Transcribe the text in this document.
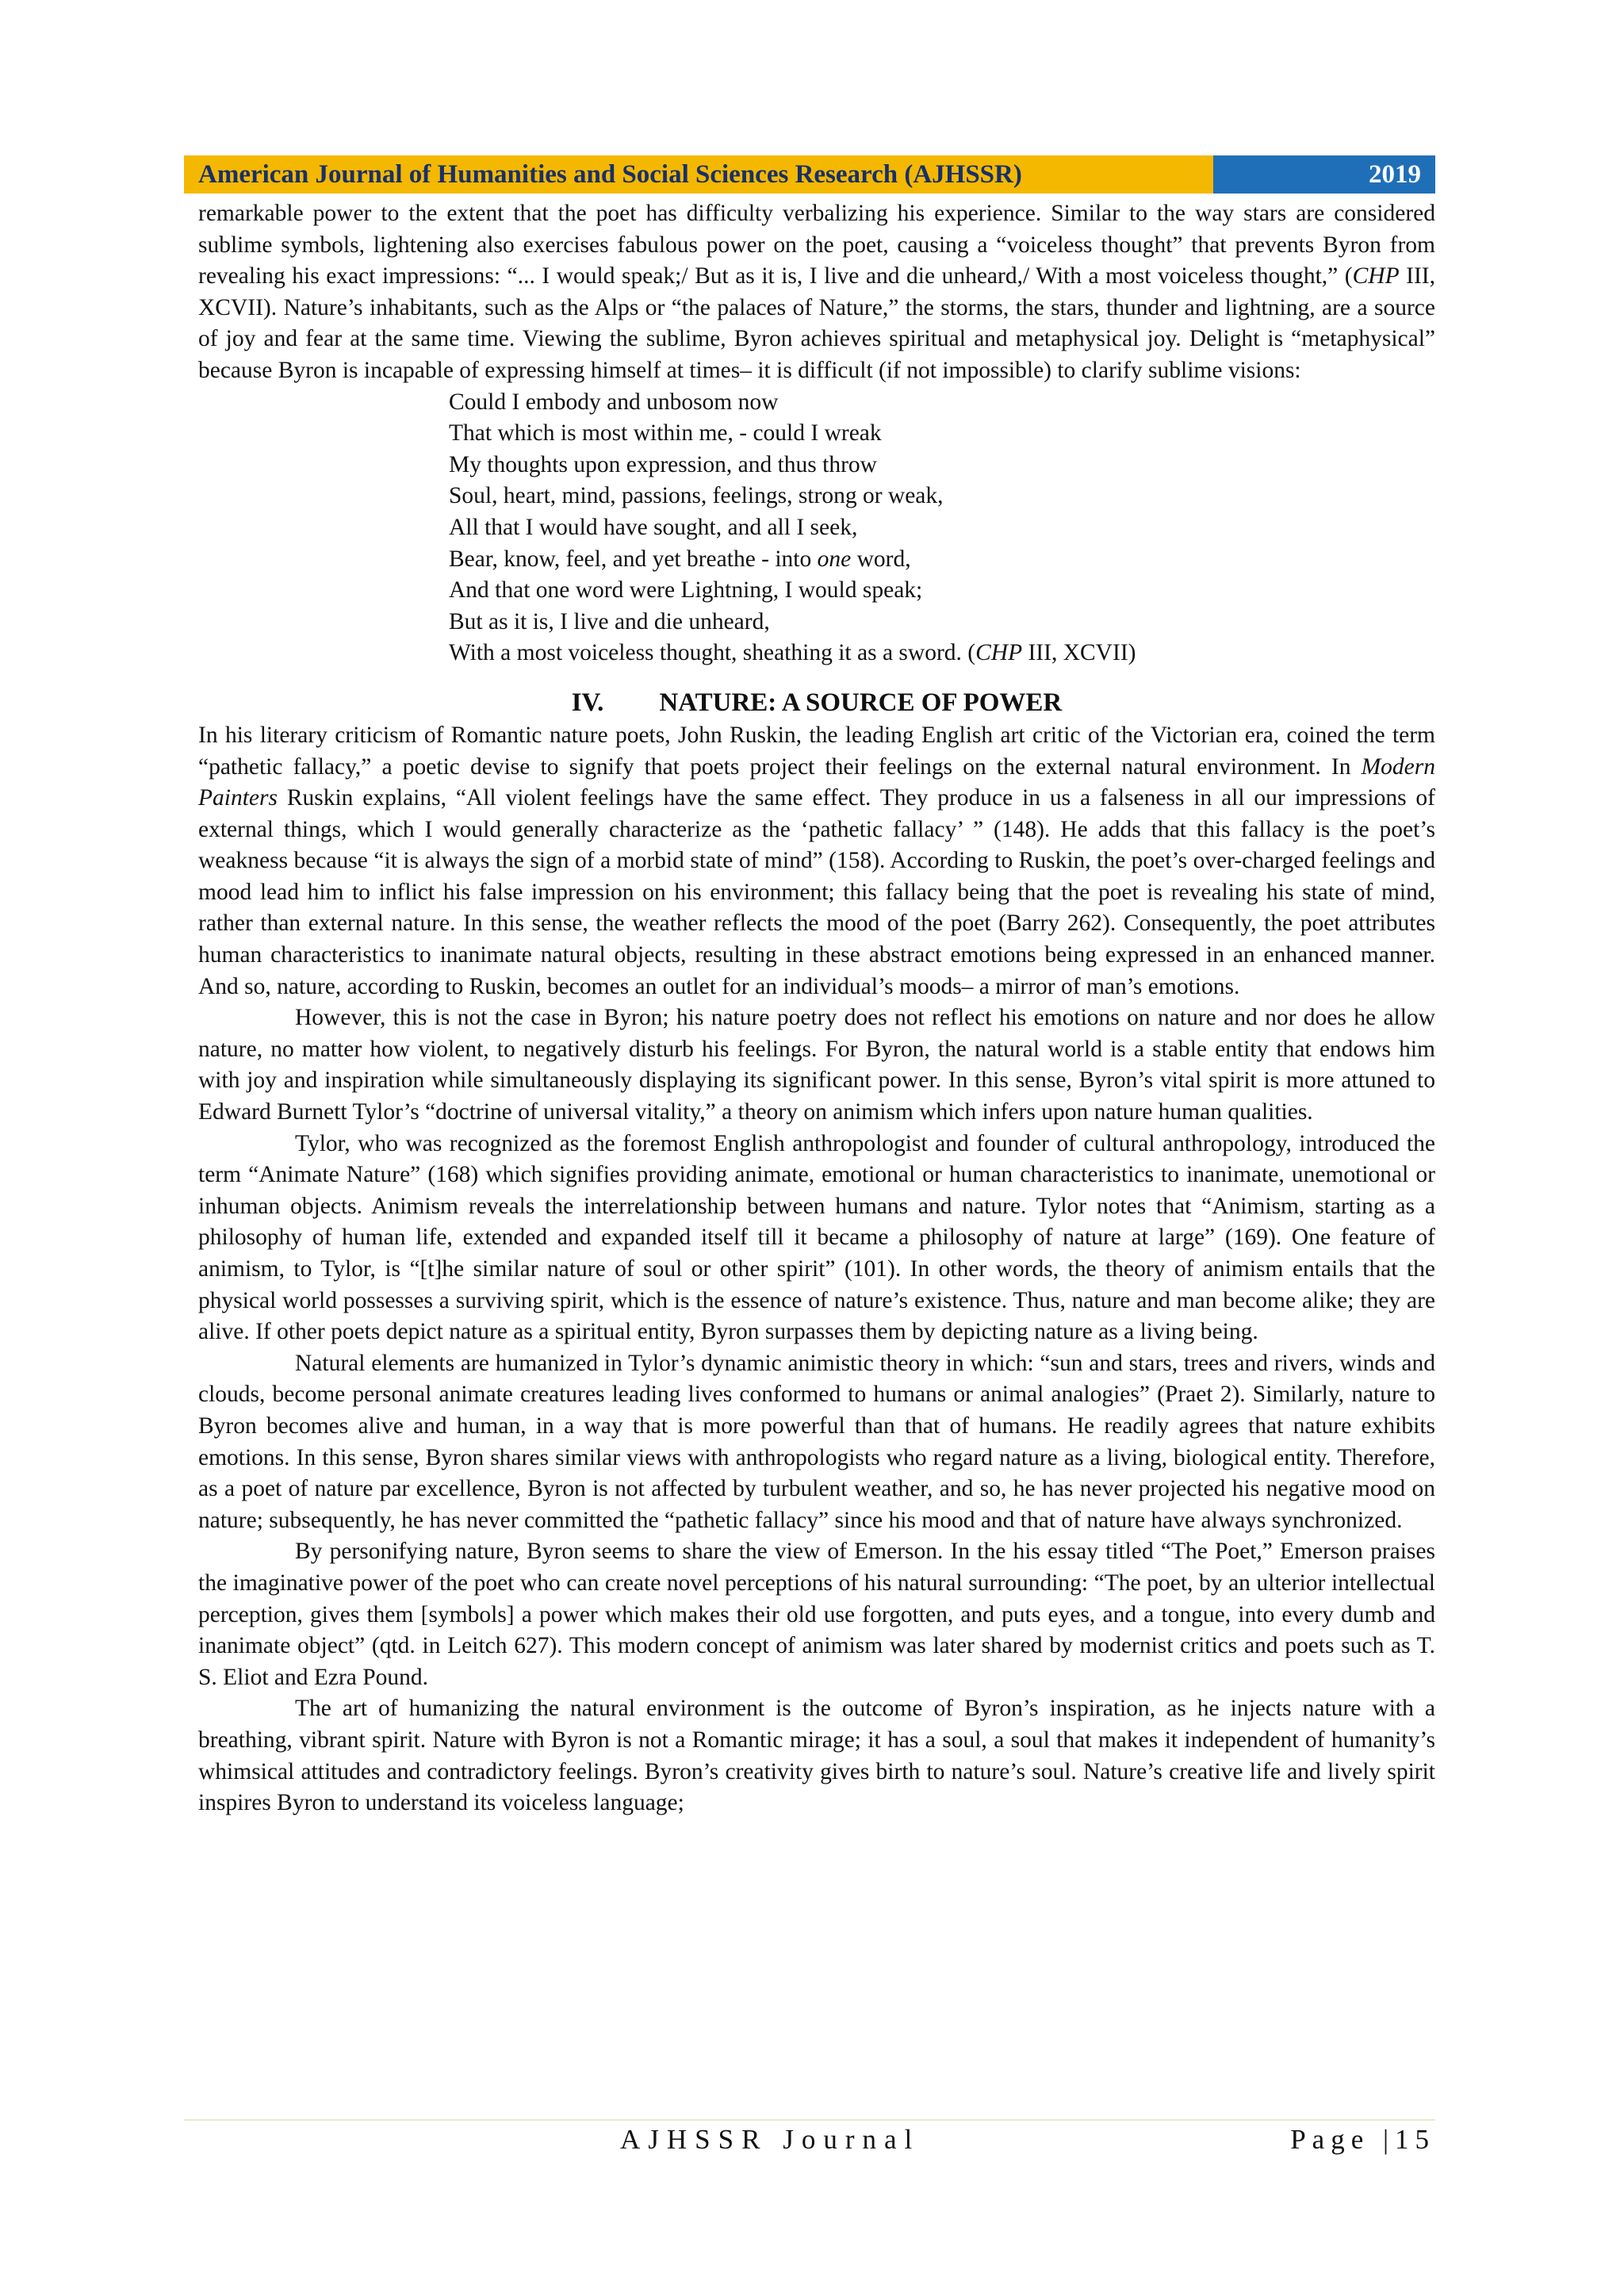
American Journal of Humanities and Social Sciences Research (AJHSSR)	2019

remarkable power to the extent that the poet has difficulty verbalizing his experience. Similar to the way stars are considered sublime symbols, lightening also exercises fabulous power on the poet, causing a “voiceless thought” that prevents Byron from revealing his exact impressions: “... I would speak;/ But as it is, I live and die unheard,/ With a most voiceless thought,” (CHP III, XCVII). Nature’s inhabitants, such as the Alps or “the palaces of Nature,” the storms, the stars, thunder and lightning, are a source of joy and fear at the same time. Viewing the sublime, Byron achieves spiritual and metaphysical joy. Delight is “metaphysical” because Byron is incapable of expressing himself at times– it is difficult (if not impossible) to clarify sublime visions:

Could I embody and unbosom now
That which is most within me, - could I wreak
My thoughts upon expression, and thus throw
Soul, heart, mind, passions, feelings, strong or weak,
All that I would have sought, and all I seek,
Bear, know, feel, and yet breathe - into one word,
And that one word were Lightning, I would speak;
But as it is, I live and die unheard,
With a most voiceless thought, sheathing it as a sword. (CHP III, XCVII)
IV. NATURE: A SOURCE OF POWER

In his literary criticism of Romantic nature poets, John Ruskin, the leading English art critic of the Victorian era, coined the term “pathetic fallacy,” a poetic devise to signify that poets project their feelings on the external natural environment. In Modern Painters Ruskin explains, “All violent feelings have the same effect. They produce in us a falseness in all our impressions of external things, which I would generally characterize as the ‘pathetic fallacy’ ” (148). He adds that this fallacy is the poet’s weakness because “it is always the sign of a morbid state of mind” (158). According to Ruskin, the poet’s over-charged feelings and mood lead him to inflict his false impression on his environment; this fallacy being that the poet is revealing his state of mind, rather than external nature. In this sense, the weather reflects the mood of the poet (Barry 262). Consequently, the poet attributes human characteristics to inanimate natural objects, resulting in these abstract emotions being expressed in an enhanced manner. And so, nature, according to Ruskin, becomes an outlet for an individual’s moods– a mirror of man’s emotions.

However, this is not the case in Byron; his nature poetry does not reflect his emotions on nature and nor does he allow nature, no matter how violent, to negatively disturb his feelings. For Byron, the natural world is a stable entity that endows him with joy and inspiration while simultaneously displaying its significant power. In this sense, Byron’s vital spirit is more attuned to Edward Burnett Tylor’s “doctrine of universal vitality,” a theory on animism which infers upon nature human qualities.

Tylor, who was recognized as the foremost English anthropologist and founder of cultural anthropology, introduced the term “Animate Nature” (168) which signifies providing animate, emotional or human characteristics to inanimate, unemotional or inhuman objects. Animism reveals the interrelationship between humans and nature. Tylor notes that “Animism, starting as a philosophy of human life, extended and expanded itself till it became a philosophy of nature at large” (169). One feature of animism, to Tylor, is “[t]he similar nature of soul or other spirit” (101). In other words, the theory of animism entails that the physical world possesses a surviving spirit, which is the essence of nature’s existence. Thus, nature and man become alike; they are alive. If other poets depict nature as a spiritual entity, Byron surpasses them by depicting nature as a living being.

Natural elements are humanized in Tylor’s dynamic animistic theory in which: “sun and stars, trees and rivers, winds and clouds, become personal animate creatures leading lives conformed to humans or animal analogies” (Praet 2). Similarly, nature to Byron becomes alive and human, in a way that is more powerful than that of humans. He readily agrees that nature exhibits emotions. In this sense, Byron shares similar views with anthropologists who regard nature as a living, biological entity. Therefore, as a poet of nature par excellence, Byron is not affected by turbulent weather, and so, he has never projected his negative mood on nature; subsequently, he has never committed the “pathetic fallacy” since his mood and that of nature have always synchronized.

By personifying nature, Byron seems to share the view of Emerson. In the his essay titled “The Poet,” Emerson praises the imaginative power of the poet who can create novel perceptions of his natural surrounding: “The poet, by an ulterior intellectual perception, gives them [symbols] a power which makes their old use forgotten, and puts eyes, and a tongue, into every dumb and inanimate object” (qtd. in Leitch 627). This modern concept of animism was later shared by modernist critics and poets such as T. S. Eliot and Ezra Pound.

The art of humanizing the natural environment is the outcome of Byron’s inspiration, as he injects nature with a breathing, vibrant spirit. Nature with Byron is not a Romantic mirage; it has a soul, a soul that makes it independent of humanity’s whimsical attitudes and contradictory feelings. Byron’s creativity gives birth to nature’s soul. Nature’s creative life and lively spirit inspires Byron to understand its voiceless language;

AJHSSR Journal	Page |15
